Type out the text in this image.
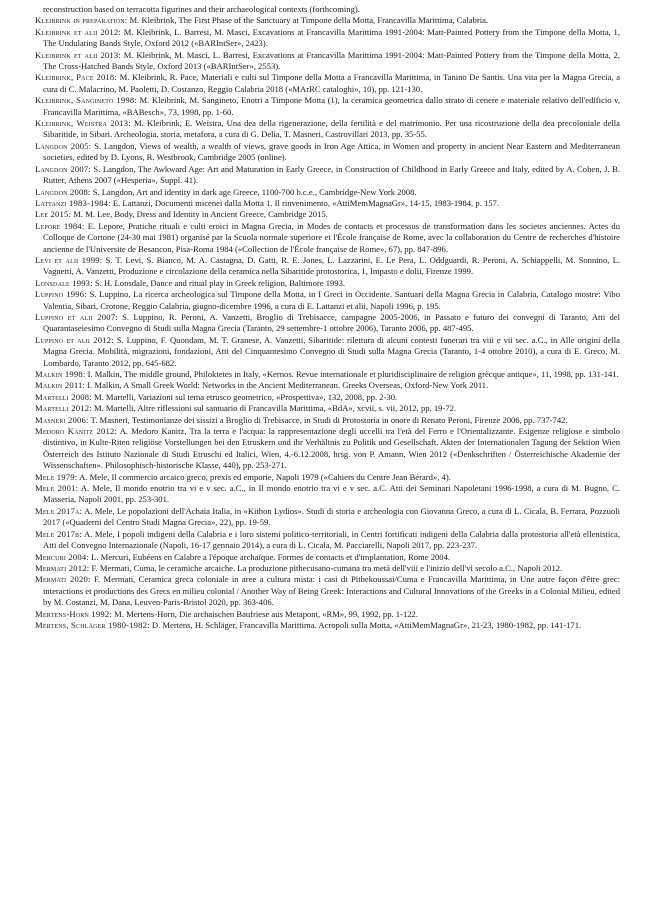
reconstruction based on terracotta figurines and their archaeological contexts (forthcoming).

Kleibrink in preparation: M. Kleibrink, The First Phase of the Sanctuary at Timpone della Motta, Francavilla Marittima, Calabria.

Kleibrink et alii 2012: M. Kleibrink, L. Barresi, M. Masci, Excavations at Francavilla Marittima 1991-2004: Matt-Painted Pottery from the Timpone della Motta, 1, The Undulating Bands Style, Oxford 2012 («BARIntSer», 2423).

Kleibrink et alii 2013: M. Kleibrink, M. Masci, L. Barresi, Excavations at Francavilla Marittima 1991-2004: Matt-Painted Pottery from the Timpone della Motta, 2, The Cross-Hatched Bands Style, Oxford 2013 («BARIntSer», 2553).

Kleibrink, Pace 2018: M. Kleibrink, R. Pace, Materiali e culti sul Timpone della Motta a Francavilla Marittima, in Tanino De Santis. Una vita per la Magna Grecia, a cura di C. Malacrino, M. Paoletti, D. Costanzo, Reggio Calabria 2018 («MArRC cataloghi», 10), pp. 121-130.

Kleibrink, Sangineto 1998: M. Kleibrink, M. Sangineto, Enotri a Timpone Motta (1), la ceramica geometrica dallo strato di cenere e materiale relativo dell'edificio v, Francavilla Marittima, «BABesch», 73, 1998, pp. 1-60.

Kleibrink, Weistra 2013: M. Kleibrink, E. Weistra, Una dea della rigenerazione, della fertilità e del matrimonio. Per una ricostruzione della dea precoloniale della Sibaritide, in Sibari. Archeologia, storia, metafora, a cura di G. Delia, T. Masneri, Castrovillari 2013, pp. 35-55.

Langdon 2005: S. Langdon, Views of wealth, a wealth of views, grave goods in Iron Age Attica, in Women and property in ancient Near Eastern and Mediterranean societies, edited by D. Lyons, R. Westbrook, Cambridge 2005 (online).

Langdon 2007: S. Langdon, The Awkward Age: Art and Maturation in Early Greece, in Construction of Childhood in Early Greece and Italy, edited by A. Cohen, J. B. Rutter, Athens 2007 («Hesperia», Suppl. 41).

Langdon 2008: S. Langdon, Art and identity in dark age Greece, 1100-700 b.c.e., Cambridge-New York 2008.

Lattanzi 1983-1984: E. Lattanzi, Documenti micenei dalla Motta 1. Il rinvenimento, «AttiMemMagnaGr», 14-15, 1983-1984, p. 157.

Lee 2015: M. M. Lee, Body, Dress and Identity in Ancient Greece, Cambridge 2015.

Lepore 1984: E. Lepore, Pratiche rituali e culti eroici in Magna Grecia, in Modes de contacts et processus de transformation dans les societes anciennes. Actes du Colloque de Cortone (24-30 mai 1981) organisé par la Scuola normale superiore et l'École française de Rome, avec la collaboration du Centre de recherches d'histoire ancienne de l'Universite de Besancon, Pisa-Roma 1984 («Collection de l'École française de Rome», 67), pp. 847-896.

Levi et alii 1999: S. T. Levi, S. Bianco, M. A. Castagna, D. Gatti, R. E. Jones, L. Lazzarini, E. Le Pera, L. Oddguardi, R. Peroni, A. Schiappelli, M. Sonnino, L. Vagnetti, A. Vanzetti, Produzione e circolazione della ceramica nella Sibaritide protostorica, 1, Impasto e dolii, Firenze 1999.

Lonsdale 1993: S. H. Lonsdale, Dance and ritual play in Greek religion, Baltimore 1993.

Luppino 1996: S. Luppino, La ricerca archeologica sul Timpone della Motta, in I Greci in Occidente. Santuari della Magna Grecia in Calabria, Catalogo mostre: Vibo Valentia, Sibari, Crotone, Reggio Calabria, giugno-dicembre 1996, a cura di E. Lattanzi et alii, Napoli 1996, p. 195.

Luppino et alii 2007: S. Luppino, R. Peroni, A. Vanzetti, Broglio di Trebisacce, campagne 2005-2006, in Passato e futuro dei convegni di Taranto, Atti del Quarantaseiesimo Convegno di Studi sulla Magna Grecia (Taranto, 29 settembre-1 ottobre 2006), Taranto 2006, pp. 487-495.

Luppino et alii 2012: S. Luppino, F. Quondam, M. T. Granese, A. Vanzetti, Sibaritide: rilettura di alcuni contesti funerari tra viii e vii sec. a.C., in Alle origini della Magna Grecia. Mobilità, migrazioni, fondazioni, Atti del Cinquantesimo Convegno di Studi sulla Magna Grecia (Taranto, 1-4 ottobre 2010), a cura di E. Greco, M. Lombardo, Taranto 2012, pp. 645-682.

Malkin 1998: I. Malkin, The middle ground, Philoktetes in Italy, «Kernos. Revue internationale et pluridisciplinaire de religion grècque antique», 11, 1998, pp. 131-141.

Malkin 2011: I. Malkin, A Small Greek World: Networks in the Ancient Mediterranean. Greeks Overseas, Oxford-New York 2011.

Martelli 2008: M. Martelli, Variazioni sul tema etrusco geometrico, «Prospettiva», 132, 2008, pp. 2-30.

Martelli 2012: M. Martelli, Altre riflessioni sul santuario di Francavilla Marittima, «BdA», xcvii, s. vii, 2012, pp. 19-72.

Masneri 2006: T. Masneri, Testimonianze dei sissizi a Broglio di Trebisacce, in Studi di Protostoria in onore di Renato Peroni, Firenze 2006, pp. 737-742.

Medoro Kanitz 2012: A. Medoro Kanitz, Tra la terra e l'acqua: la rappresentazione degli uccelli tra l'età del Ferro e l'Orientalizzante. Esigenze religiose e simbolo distintivo, in Kulte-Riten religiöse Vorstellungen bei den Etruskern und ihr Verhältnis zu Politik und Gesellschaft. Akten der Internationalen Tagung der Sektion Wien Österreich des Istituto Nazionale di Studi Etruschi ed Italici, Wien, 4.-6.12.2008, hrsg. von P. Amann, Wien 2012 («Denkschriften / Österreichische Akademie der Wissenschaften». Philosophisch-historische Klasse, 440), pp. 253-271.

Mele 1979: A. Mele, Il commercio arcaico greco, prexis ed emporie, Napoli 1979 («Cahiers du Centre Jean Bérard», 4).

Mele 2001: A. Mele, Il mondo enotrio tra vi e v sec. a.C., in Il mondo enotrio tra vi e v sec. a.C. Atti dei Seminari Napoletani 1996-1998, a cura di M. Bugno, C. Masseria, Napoli 2001, pp. 253-301.

Mele 2017a: A. Mele, Le popolazioni dell'Achaia Italia, in «Kithon Lydios». Studi di storia e archeologia con Giovanna Greco, a cura di L. Cicala, B. Ferrara, Pozzuoli 2017 («Quaderni del Centro Studi Magna Grecia», 22), pp. 19-59.

Mele 2017b: A. Mele, I popoli indigeni della Calabria e i loro sistemi politico-territoriali, in Centri fortificati indigeni della Calabria dalla protostoria all'età ellenistica, Atti del Convegno Internazionale (Napoli, 16-17 gennaio 2014), a cura di L. Cicala, M. Pacciarelli, Napoli 2017, pp. 223-237.

Mercuri 2004: L. Mercuri, Eubéens en Calabre a l'époque archaïque. Formes de contacts et d'implantation, Rome 2004.

Mermati 2012: F. Mermati, Cuma, le ceramiche arcaiche. La produzione pithecusano-cumana tra metà dell'viii e l'inizio dell'vi secolo a.C., Napoli 2012.

Mermati 2020: F. Mermati, Ceramica greca coloniale in aree a cultura mista: i casi di Pithekoussai/Cuma e Francavilla Marittima, in Une autre façon d'être grec: interactions et productions des Grecs en milieu colonial / Another Way of Being Greek: Interactions and Cultural Innovations of the Greeks in a Colonial Milieu, edited by M. Costanzi, M. Dana, Leuven-Paris-Bristol 2020, pp. 363-406.

Mertens-Horn 1992: M. Mertens-Horn, Die archaischen Baufriese aus Metapont, «RM», 99, 1992, pp. 1-122.

Mertens, Schläger 1980-1982: D. Mertens, H. Schläger, Francavilla Marittima. Acropoli sulla Motta, «AttiMemMagnaGr», 21-23, 1980-1982, pp. 141-171.
